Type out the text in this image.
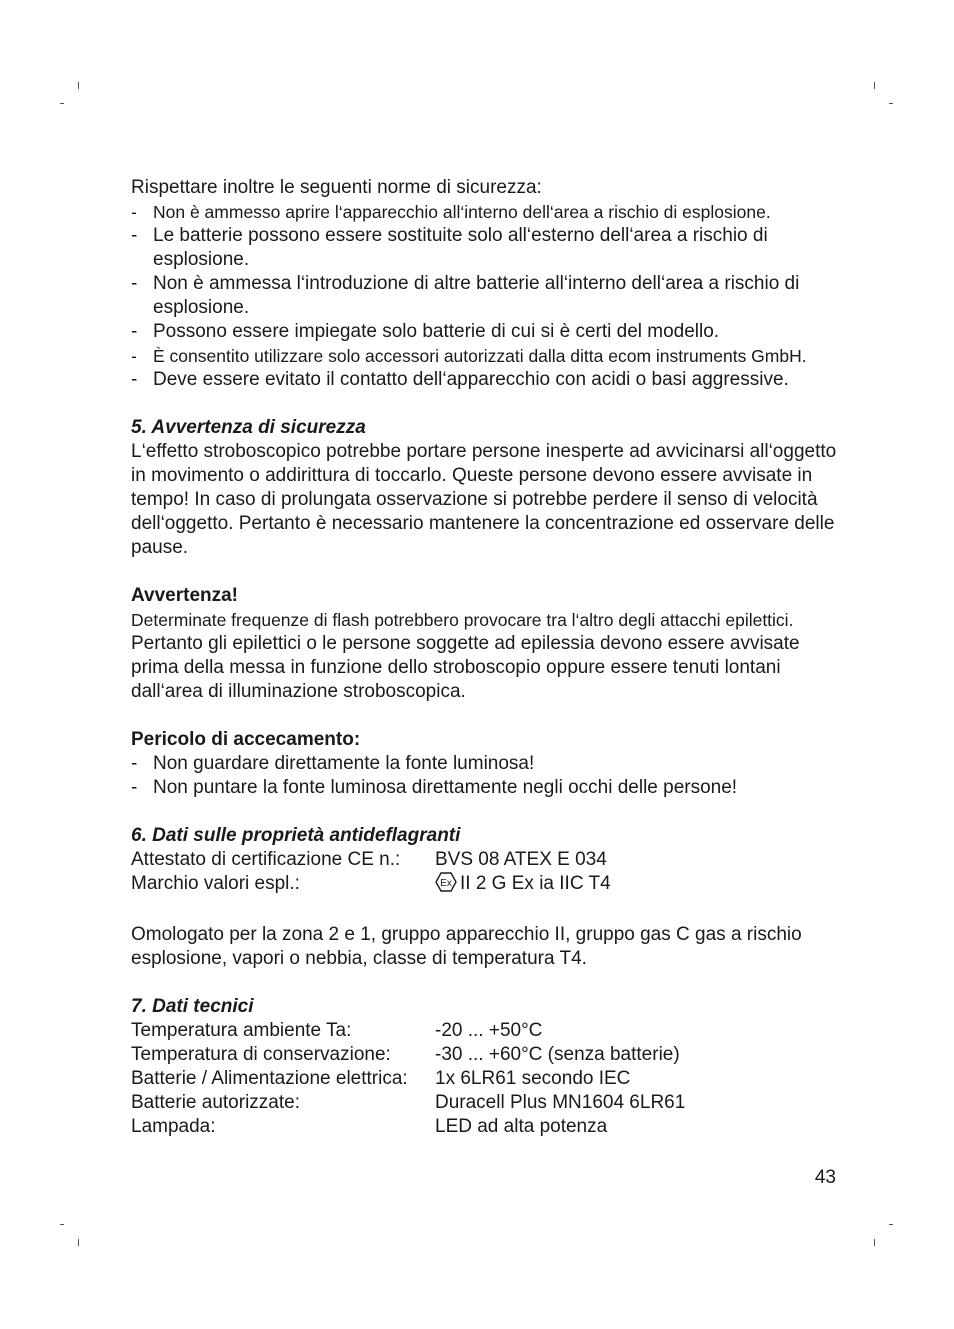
Rispettare inoltre le seguenti norme di sicurezza:

- Non è ammesso aprire l‘apparecchio all‘interno dell‘area a rischio di esplosione.
- Le batterie possono essere sostituite solo all‘esterno dell‘area a rischio di esplosione.
- Non è ammessa l‘introduzione di altre batterie all‘interno dell‘area a rischio di esplosione.
- Possono essere impiegate solo batterie di cui si è certi del modello.
- È consentito utilizzare solo accessori autorizzati dalla ditta ecom instruments GmbH.
- Deve essere evitato il contatto dell‘apparecchio con acidi o basi aggressive.
5. Avvertenza di sicurezza

L‘effetto stroboscopico potrebbe portare persone inesperte ad avvicinarsi all‘oggetto in movimento o addirittura di toccarlo. Queste persone devono essere avvisate in tempo! In caso di prolungata osservazione si potrebbe perdere il senso di velocità dell‘oggetto. Pertanto è necessario mantenere la concentrazione ed osservare delle pause.

Avvertenza!

Determinate frequenze di flash potrebbero provocare tra l‘altro degli attacchi epilettici.

Pertanto gli epilettici o le persone soggette ad epilessia devono essere avvisate prima della messa in funzione dello stroboscopio oppure essere tenuti lontani dall‘area di illuminazione stroboscopica.

Pericolo di accecamento:
- Non guardare direttamente la fonte luminosa!
- Non puntare la fonte luminosa direttamente negli occhi delle persone!
6. Dati sulle proprietà antideflagranti
Attestato di certificazione CE n.:	BVS 08 ATEX E 034
Marchio valori espl.:	Ex II 2 G Ex ia IIC T4

Omologato per la zona 2 e 1, gruppo apparecchio II, gruppo gas C gas a rischio esplosione, vapori o nebbia, classe di temperatura T4.

7. Dati tecnici
Temperatura ambiente Ta:	-20 ... +50°C
Temperatura di conservazione:	-30 ... +60°C (senza batterie)
Batterie / Alimentazione elettrica:	1x 6LR61 secondo IEC
Batterie autorizzate:	Duracell Plus MN1604 6LR61
Lampada:	LED ad alta potenza
43
